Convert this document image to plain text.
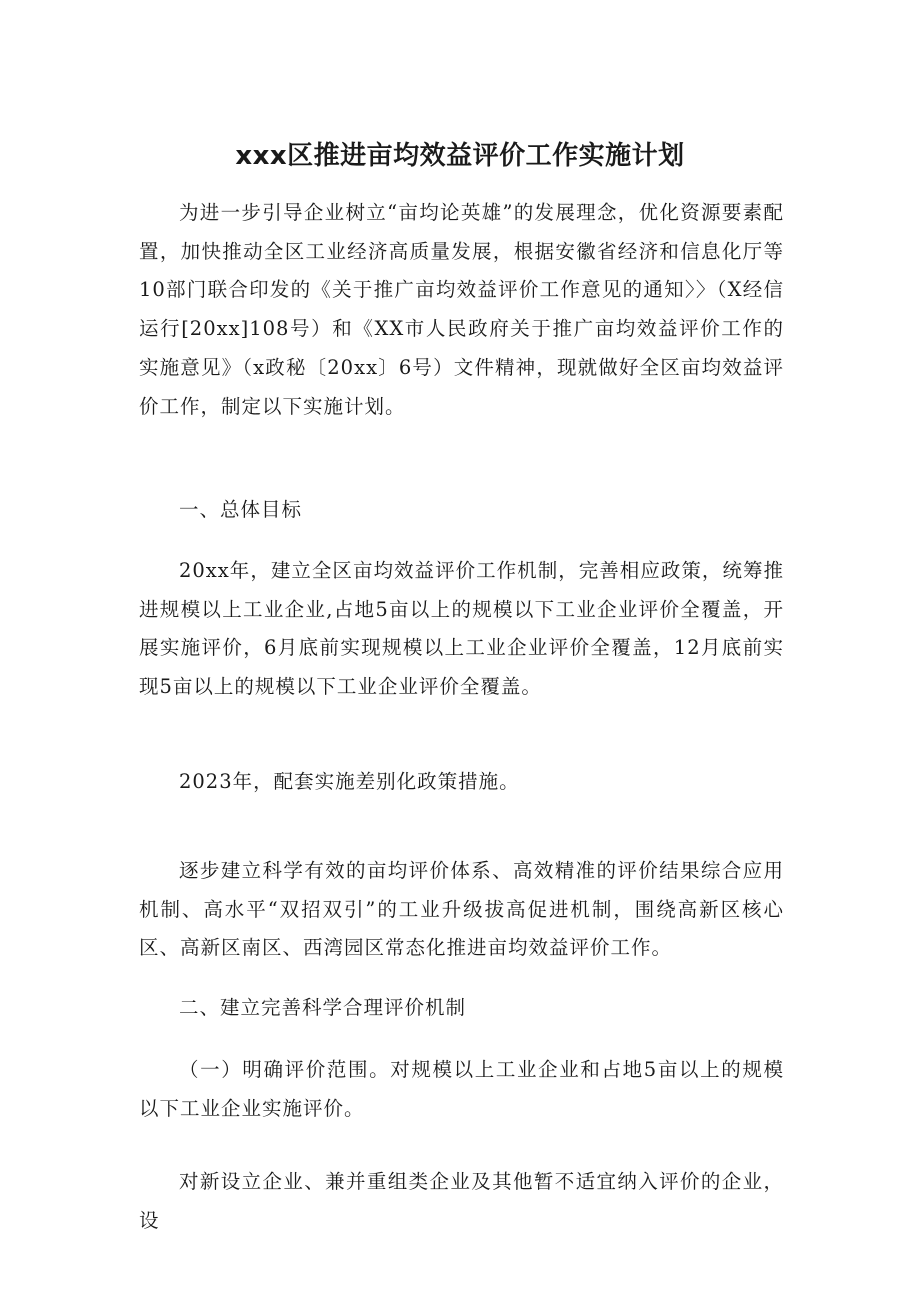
xxx区推进亩均效益评价工作实施计划

为进一步引导企业树立“亩均论英雄”的发展理念，优化资源要素配置，加快推动全区工业经济高质量发展，根据安徽省经济和信息化厅等10部门联合印发的《关于推广亩均效益评价工作意见的通知〉〉（X经信运行[20xx]108号）和《XX市人民政府关于推广亩均效益评价工作的实施意见》（x政秘〔20xx〕6号）文件精神，现就做好全区亩均效益评价工作，制定以下实施计划。

一、总体目标

20xx年，建立全区亩均效益评价工作机制，完善相应政策，统筹推进规模以上工业企业,占地5亩以上的规模以下工业企业评价全覆盖，开展实施评价，6月底前实现规模以上工业企业评价全覆盖，12月底前实现5亩以上的规模以下工业企业评价全覆盖。

2023年，配套实施差别化政策措施。

逐步建立科学有效的亩均评价体系、高效精准的评价结果综合应用机制、高水平“双招双引”的工业升级拔高促进机制，围绕高新区核心区、高新区南区、西湾园区常态化推进亩均效益评价工作。

二、建立完善科学合理评价机制

（一）明确评价范围。对规模以上工业企业和占地5亩以上的规模以下工业企业实施评价。

对新设立企业、兼并重组类企业及其他暂不适宜纳入评价的企业，设
